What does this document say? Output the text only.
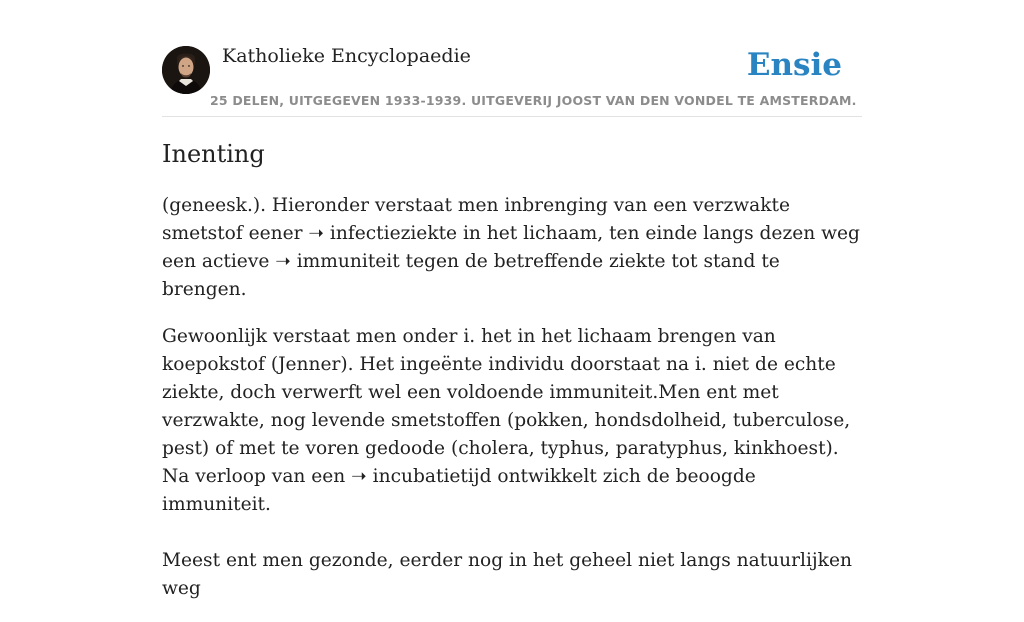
Katholieke Encyclopaedie	Ensie
25 DELEN, UITGEGEVEN 1933-1939. UITGEVERIJ JOOST VAN DEN VONDEL TE AMSTERDAM.
Inenting

(geneesk.). Hieronder verstaat men inbrenging van een verzwakte smetstof eener ➝ infectieziekte in het lichaam, ten einde langs dezen weg een actieve ➝ immuniteit tegen de betreffende ziekte tot stand te brengen.

Gewoonlijk verstaat men onder i. het in het lichaam brengen van koepokstof (Jenner). Het ingeënte individu doorstaat na i. niet de echte ziekte, doch verwerft wel een voldoende immuniteit.Men ent met verzwakte, nog levende smetstoffen (pokken, hondsdolheid, tuberculose, pest) of met te voren gedoode (cholera, typhus, paratyphus, kinkhoest). Na verloop van een ➝ incubatietijd ontwikkelt zich de beoogde immuniteit.

Meest ent men gezonde, eerder nog in het geheel niet langs natuurlijken weg
